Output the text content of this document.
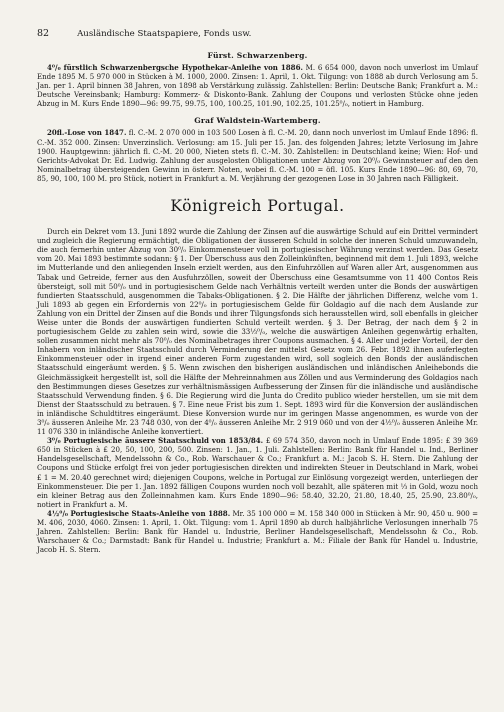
82	Ausländische Staatspapiere, Fonds usw.
Fürst. Schwarzenberg.

4⁰/₀ fürstlich Schwarzenbergsche Hypothekar-Anleihe von 1886. M. 6 654 000, davon noch unverlost im Umlauf Ende 1895 M. 5 970 000 in Stücken à M. 1000, 2000. Zinsen: 1. April, 1. Okt. Tilgung: von 1888 ab durch Verlosung am 5. Jan. per 1. April binnen 38 Jahren, von 1898 ab Verstärkung zulässig. Zahlstellen: Berlin: Deutsche Bank; Frankfurt a. M.: Deutsche Vereinsbank; Hamburg: Kommerz- & Diskonto-Bank. Zahlung der Coupons und verlosten Stücke ohne jeden Abzug in M. Kurs Ende 1890—96: 99.75, 99.75, 100, 100.25, 101.90, 102.25, 101.25⁰/₀, notiert in Hamburg.

Graf Waldstein-Wartemberg.

20fl.-Lose von 1847. fl. C.-M. 2 070 000 in 103 500 Losen à fl. C.-M. 20, dann noch unverlost im Umlauf Ende 1896: fl. C.-M. 352 000. Zinsen: Unverzinslich. Verlosung: am 15. Juli per 15. Jan. des folgenden Jahres; letzte Verlosung im Jahre 1900. Hauptgewinn: jährlich fl. C.-M. 20 000, Nieten stets fl. C.-M. 30. Zahlstellen: in Deutschland keine; Wien: Hof- und Gerichts-Advokat Dr. Ed. Ludwig. Zahlung der ausgelosten Obligationen unter Abzug von 20⁰/₀ Gewinnsteuer auf den den Nominalbetrag übersteigenden Gewinn in österr. Noten, wobei fl. C.-M. 100 = öfl. 105. Kurs Ende 1890—96: 80, 69, 70, 85, 90, 100, 100 M. pro Stück, notiert in Frankfurt a. M. Verjährung der gezogenen Lose in 30 Jahren nach Fälligkeit.

Königreich Portugal.

Durch ein Dekret vom 13. Juni 1892 wurde die Zahlung der Zinsen auf die auswärtige Schuld auf ein Drittel vermindert und zugleich die Regierung ermächtigt, die Obligationen der äusseren Schuld in solche der inneren Schuld umzuwandeln, die auch fernerhin unter Abzug von 30⁰/₀ Einkommensteuer voll in portugiesischer Währung verzinst werden. Das Gesetz vom 20. Mai 1893 bestimmte sodann: § 1. Der Überschuss aus den Zolleinkünften, beginnend mit dem 1. Juli 1893, welche im Mutterlande und den anliegenden Inseln erzielt werden, aus den Einfuhrzöllen auf Waren aller Art, ausgenommen aus Tabak und Getreide, ferner aus den Ausfuhrzöllen, soweit der Überschuss eine Gesamtsumme von 11 400 Contos Reis übersteigt, soll mit 50⁰/₀ und in portugiesischem Gelde nach Verhältnis verteilt werden unter die Bonds der auswärtigen fundierten Staatsschuld, ausgenommen die Tabaks-Obligationen. § 2. Die Hälfte der jährlichen Differenz, welche vom 1. Juli 1893 ab gegen ein Erfordernis von 22⁰/₀ in portugiesischem Gelde für Goldagio auf die nach dem Auslande zur Zahlung von ein Drittel der Zinsen auf die Bonds und ihrer Tilgungsfonds sich herausstellen wird, soll ebenfalls in gleicher Weise unter die Bonds der auswärtigen fundierten Schuld verteilt werden. § 3. Der Betrag, der nach dem § 2 in portugiesischem Gelde zu zahlen sein wird, sowie die 33⅓⁰/₀, welche die auswärtigen Anleihen gegenwärtig erhalten, sollen zusammen nicht mehr als 70⁰/₀ des Nominalbetrages ihrer Coupons ausmachen. § 4. Aller und jeder Vorteil, der den Inhabern von inländischer Staatsschuld durch Verminderung der mittelst Gesetz vom 26. Febr. 1892 ihnen auferlegten Einkommensteuer oder in irgend einer anderen Form zugestanden wird, soll sogleich den Bonds der ausländischen Staatsschuld eingeräumt werden. § 5. Wenn zwischen den bisherigen ausländischen und inländischen Anleihebonds die Gleichmässigkeit hergestellt ist, soll die Hälfte der Mehreinnahmen aus Zöllen und aus Verminderung des Goldagios nach den Bestimmungen dieses Gesetzes zur verhältnismässigen Aufbesserung der Zinsen für die inländische und ausländische Staatsschuld Verwendung finden. § 6. Die Regierung wird die Junta do Credito publico wieder herstellen, um sie mit dem Dienst der Staatsschuld zu betrauen. § 7. Eine neue Frist bis zum 1. Sept. 1893 wird für die Konversion der ausländischen in inländische Schuldtitres eingeräumt. Diese Konversion wurde nur im geringen Masse angenommen, es wurde von der 3⁰/₀ äusseren Anleihe Mr. 23 748 030, von der 4⁰/₀ äusseren Anleihe Mr. 2 919 060 und von der 4½⁰/₀ äusseren Anleihe Mr. 11 076 330 in inländische Anleihe konvertiert.

3⁰/₀ Portugiesische äussere Staatsschuld von 1853/84. £ 69 574 350, davon noch in Umlauf Ende 1895: £ 39 369 650 in Stücken à £ 20, 50, 100, 200, 500. Zinsen: 1. Jan., 1. Juli. Zahlstellen: Berlin: Bank für Handel u. Ind., Berliner Handelsgesellschaft, Mendelssohn & Co., Rob. Warschauer & Co.; Frankfurt a. M.: Jacob S. H. Stern. Die Zahlung der Coupons und Stücke erfolgt frei von jeder portugiesischen direkten und indirekten Steuer in Deutschland in Mark, wobei £ 1 = M. 20.40 gerechnet wird; diejenigen Coupons, welche in Portugal zur Einlösung vorgezeigt werden, unterliegen der Einkommensteuer. Die per 1. Jan. 1892 fälligen Coupons wurden noch voll bezahlt, alle späteren mit ⅓ in Gold, wozu noch ein kleiner Betrag aus den Zolleinnahmen kam. Kurs Ende 1890—96: 58.40, 32.20, 21.80, 18.40, 25, 25.90, 23.80⁰/₀, notiert in Frankfurt a. M.

4½⁰/₀ Portugiesische Staats-Anleihe von 1888. Mr. 35 100 000 = M. 158 340 000 in Stücken à Mr. 90, 450 u. 900 = M. 406, 2030, 4060. Zinsen: 1. April, 1. Okt. Tilgung: vom 1. April 1890 ab durch halbjährliche Verlosungen innerhalb 75 Jahren. Zahlstellen: Berlin: Bank für Handel u. Industrie, Berliner Handelsgesellschaft, Mendelssohn & Co., Rob. Warschauer & Co.; Darmstadt: Bank für Handel u. Industrie; Frankfurt a. M.: Filiale der Bank für Handel u. Industrie, Jacob H. S. Stern.
